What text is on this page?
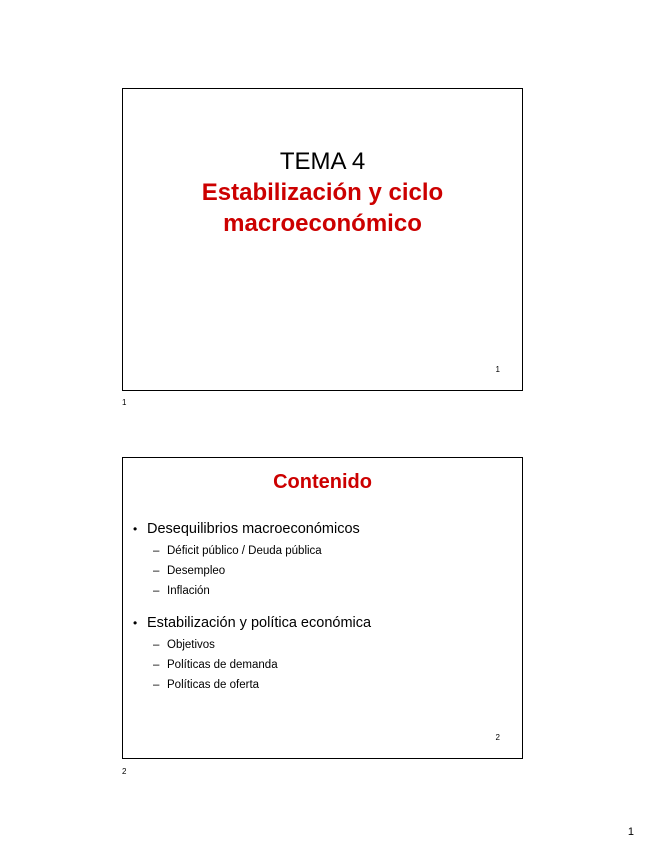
TEMA 4

Estabilización y ciclo

macroeconómico

1
1

Contenido

• Desequilibrios macroeconómicos
– Déficit público / Deuda pública
– Desempleo
– Inflación
• Estabilización y política económica
– Objetivos
– Políticas de demanda
– Políticas de oferta
2
2
1
